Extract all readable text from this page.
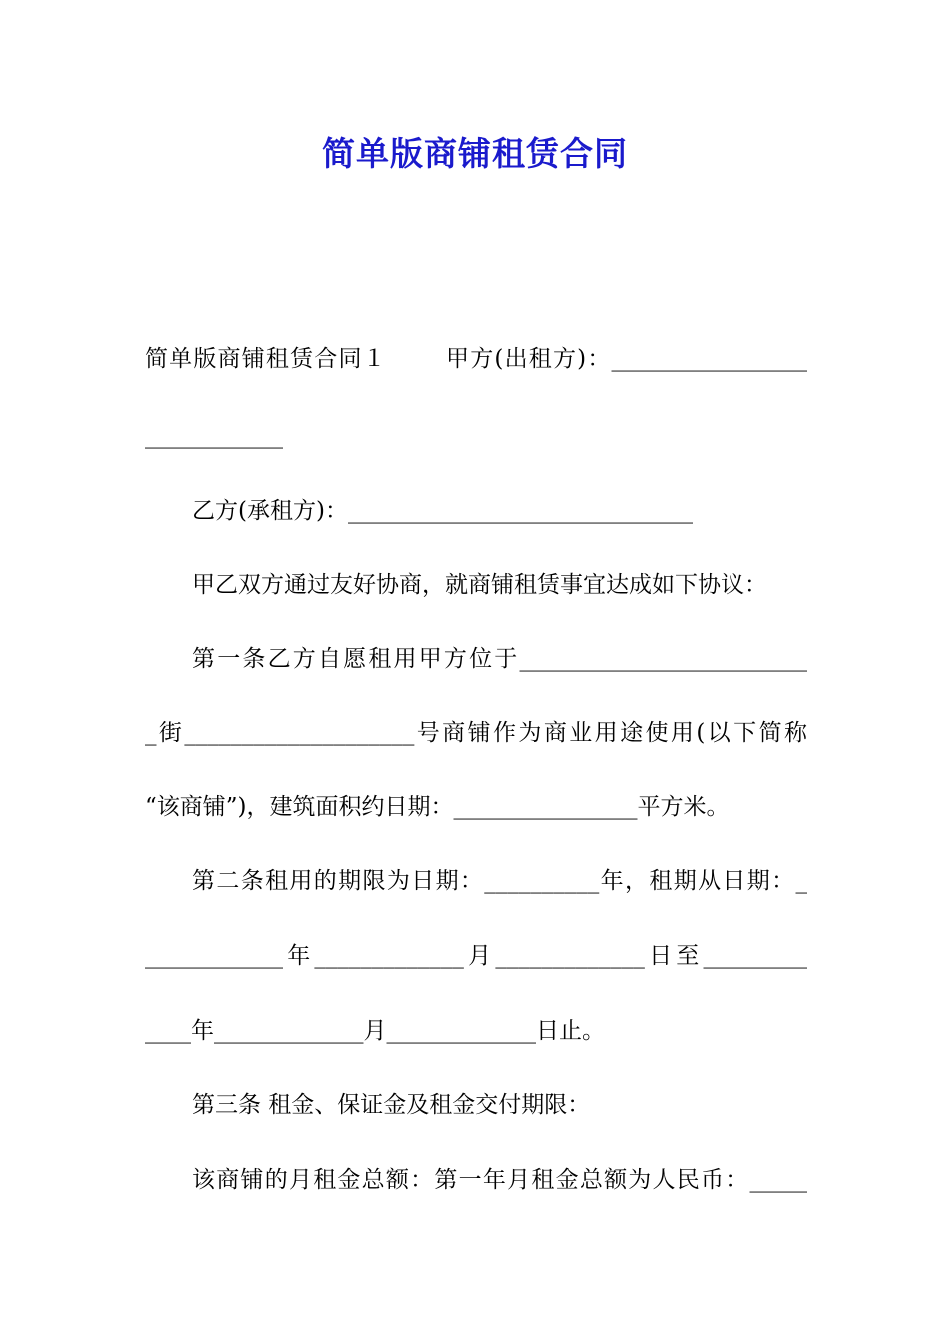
简单版商铺租赁合同
简单版商铺租赁合同１	甲方(出租方)：_________________
____________
乙方(承租方)：______________________________
甲乙双方通过友好协商，就商铺租赁事宜达成如下协议：
第一条乙方自愿租用甲方位于_________________________
_街____________________号商铺作为商业用途使用(以下简称
“该商铺”)，建筑面积约日期：________________平方米。
第二条租用的期限为日期：__________年，租期从日期：_
____________年_____________月_____________日至_________
____年_____________月_____________日止。
第三条 租金、保证金及租金交付期限：
该商铺的月租金总额：第一年月租金总额为人民币：_____
